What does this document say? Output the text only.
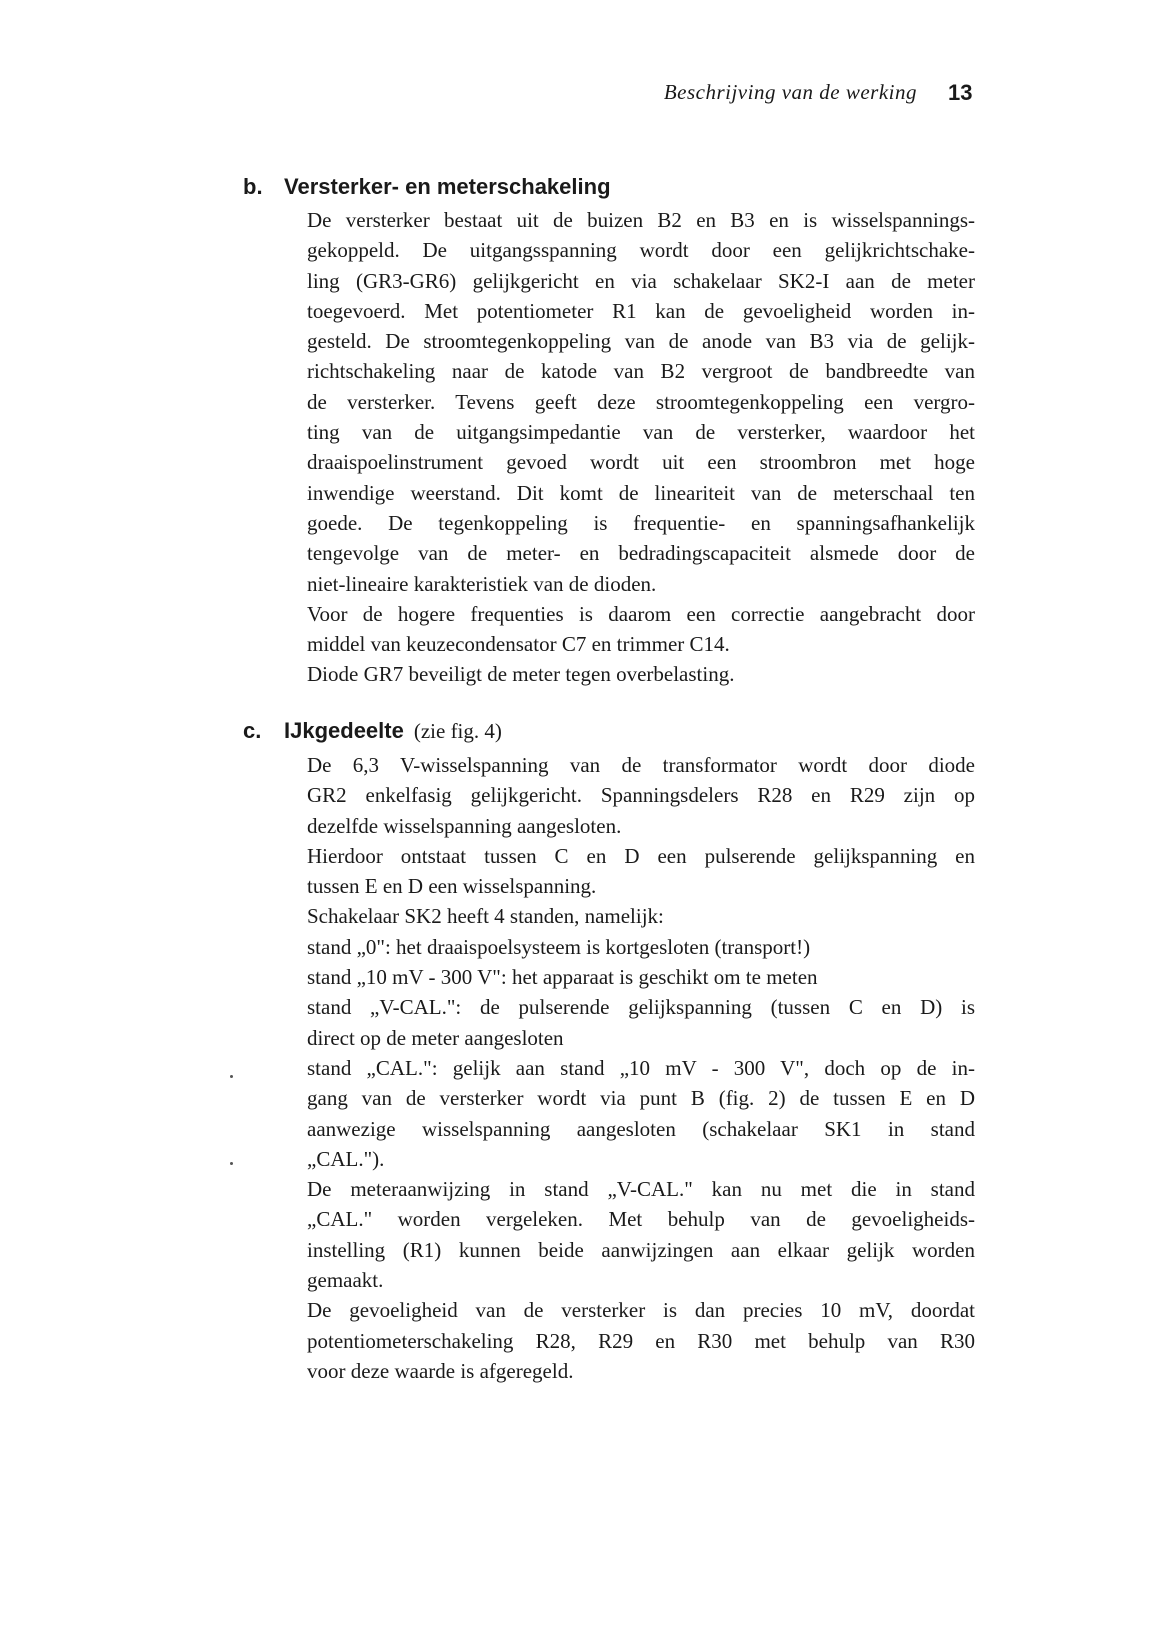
Beschrijving van de werking 13
b. Versterker- en meterschakeling
De versterker bestaat uit de buizen B2 en B3 en is wisselspannings-
gekoppeld. De uitgangsspanning wordt door een gelijkrichtschake-
ling (GR3-GR6) gelijkgericht en via schakelaar SK2-I aan de meter
toegevoerd. Met potentiometer R1 kan de gevoeligheid worden in-
gesteld. De stroomtegenkoppeling van de anode van B3 via de gelijk-
richtschakeling naar de katode van B2 vergroot de bandbreedte van
de versterker. Tevens geeft deze stroomtegenkoppeling een vergro-
ting van de uitgangsimpedantie van de versterker, waardoor het
draaispoelinstrument gevoed wordt uit een stroombron met hoge
inwendige weerstand. Dit komt de lineariteit van de meterschaal ten
goede. De tegenkoppeling is frequentie- en spanningsafhankelijk
tengevolge van de meter- en bedradingscapaciteit alsmede door de
niet-lineaire karakteristiek van de dioden.
Voor de hogere frequenties is daarom een correctie aangebracht door
middel van keuzecondensator C7 en trimmer C14.
Diode GR7 beveiligt de meter tegen overbelasting.
c. IJkgedeelte (zie fig. 4)
De 6,3 V-wisselspanning van de transformator wordt door diode
GR2 enkelfasig gelijkgericht. Spanningsdelers R28 en R29 zijn op
dezelfde wisselspanning aangesloten.
Hierdoor ontstaat tussen C en D een pulserende gelijkspanning en
tussen E en D een wisselspanning.
Schakelaar SK2 heeft 4 standen, namelijk:
stand „0": het draaispoelsysteem is kortgesloten (transport!)
stand „10 mV - 300 V": het apparaat is geschikt om te meten
stand „V-CAL.": de pulserende gelijkspanning (tussen C en D) is
direct op de meter aangesloten
stand „CAL.": gelijk aan stand „10 mV - 300 V", doch op de in-
gang van de versterker wordt via punt B (fig. 2) de tussen E en D
aanwezige wisselspanning aangesloten (schakelaar SK1 in stand
„CAL.").
De meteraanwijzing in stand „V-CAL." kan nu met die in stand
„CAL." worden vergeleken. Met behulp van de gevoeligheids-
instelling (R1) kunnen beide aanwijzingen aan elkaar gelijk worden
gemaakt.
De gevoeligheid van de versterker is dan precies 10 mV, doordat
potentiometerschakeling R28, R29 en R30 met behulp van R30
voor deze waarde is afgeregeld.
